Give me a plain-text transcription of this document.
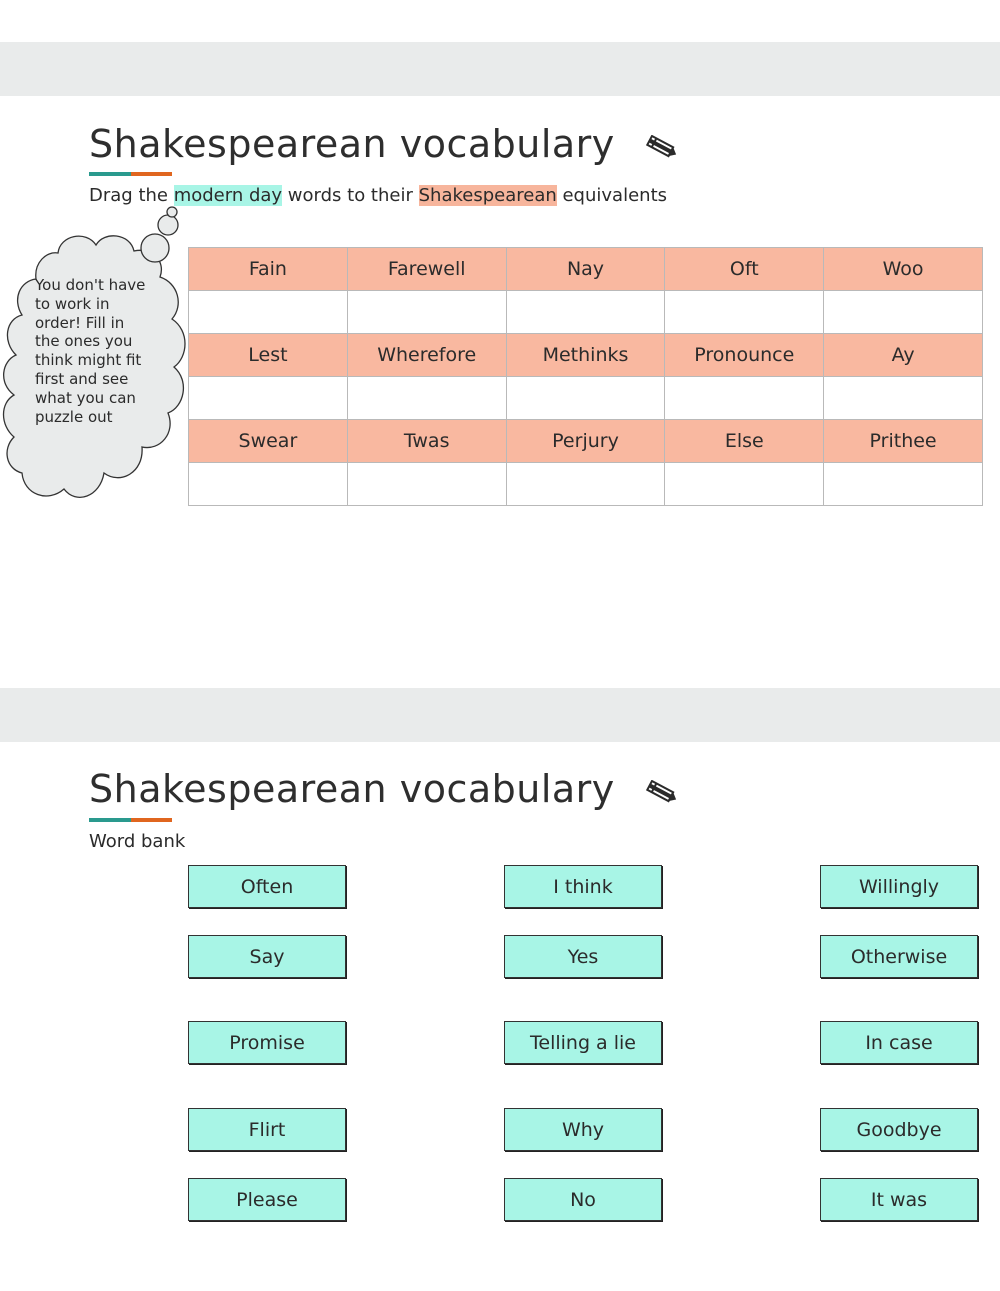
Shakespearean vocabulary
Drag the modern day words to their Shakespearean equivalents
You don't have to work in order! Fill in the ones you think might fit first and see what you can puzzle out
Fain	Farewell	Nay	Oft	Woo

Lest	Wherefore	Methinks	Pronounce	Ay

Swear	Twas	Perjury	Else	Prithee

Shakespearean vocabulary
Word bank
Often	I think	Willingly
Say	Yes	Otherwise
Promise	Telling a lie	In case
Flirt	Why	Goodbye
Please	No	It was
